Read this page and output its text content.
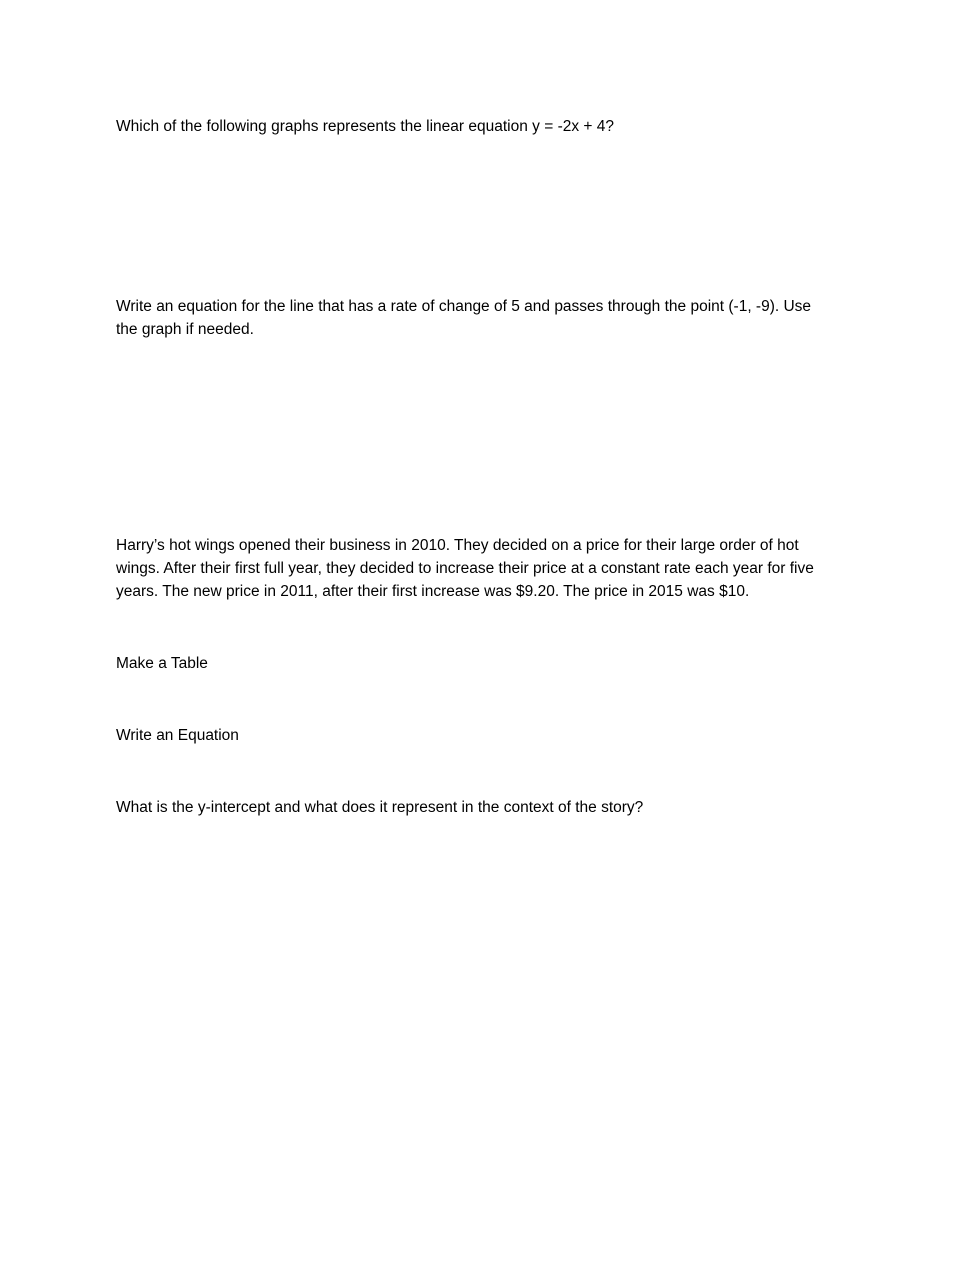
Which of the following graphs represents the linear equation y = -2x + 4?

Write an equation for the line that has a rate of change of 5 and passes through the point (-1, -9). Use
the graph if needed.

Harry’s hot wings opened their business in 2010. They decided on a price for their large order of hot
wings. After their first full year, they decided to increase their price at a constant rate each year for five
years. The new price in 2011, after their first increase was $9.20. The price in 2015 was $10.

Make a Table

Write an Equation

What is the y-intercept and what does it represent in the context of the story?
